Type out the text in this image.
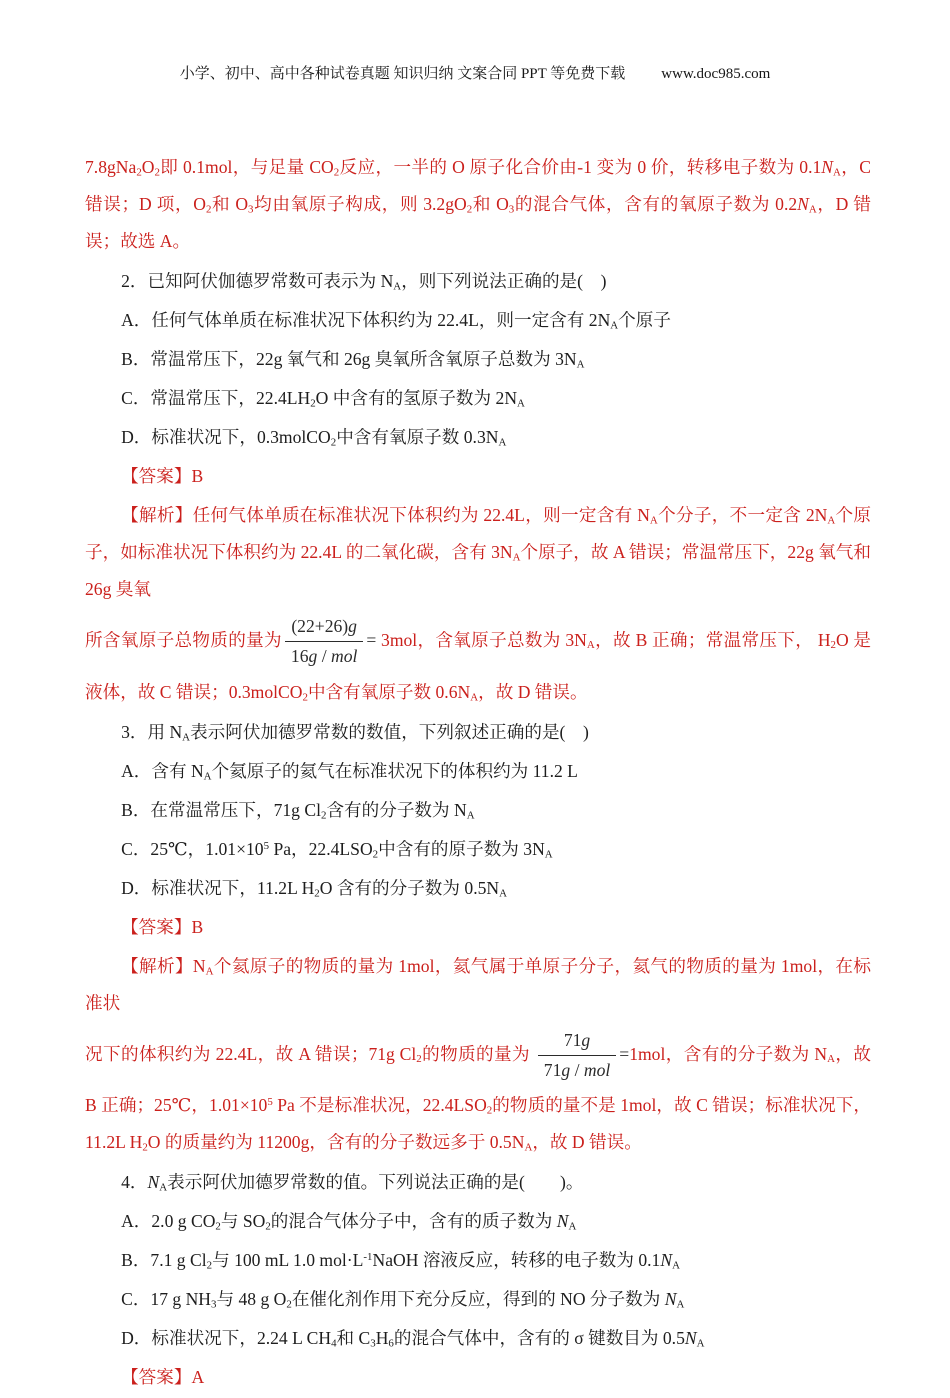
小学、初中、高中各种试卷真题 知识归纳 文案合同 PPT 等免费下载 www.doc985.com

$7.8gNa_2O_2$即 0.1mol，与足量 $CO_2$反应，一半的 O 原子化合价由-1 变为 0 价，转移电子数为 $0.1N_A$，C 错误；D 项，$O_2$和 $O_3$均由氧原子构成，则 $3.2gO_2$和 $O_3$的混合气体，含有的氧原子数为 $0.2N_A$，D 错误；故选 A。

2．已知阿伏伽德罗常数可表示为 $N_A$，则下列说法正确的是(　)

A．任何气体单质在标准状况下体积约为 22.4L，则一定含有 $2N_A$个原子

B．常温常压下，22g 氧气和 26g 臭氧所含氧原子总数为 $3N_A$

C．常温常压下，$22.4LH_2O$ 中含有的氢原子数为 $2N_A$

D．标准状况下，0.3molCO$_2$中含有氧原子数 $0.3N_A$

【答案】B

【解析】任何气体单质在标准状况下体积约为 22.4L，则一定含有 $N_A$个分子，不一定含 $2N_A$个原子，如标准状况下体积约为 22.4L 的二氧化碳，含有 $3N_A$个原子，故 A 错误；常温常压下，22g 氧气和 26g 臭氧

所含氧原子总物质的量为 $\frac{(22+26)g}{\text{16g / mol}} = 3mol$，含氧原子总数为 $3N_A$，故 B 正确；常温常压下， $H_2O$ 是液体，故 C 错误；0.3molCO$_2$中含有氧原子数 $0.6N_A$，故 D 错误。

3．用 $N_A$表示阿伏加德罗常数的数值，下列叙述正确的是(　)

A．含有 $N_A$个氦原子的氦气在标准状况下的体积约为 11.2 L

B．在常温常压下，71g $Cl_2$含有的分子数为 $N_A$

C．25℃，$1.01\times 10^5$ Pa，$22.4LSO_2$中含有的原子数为 $3N_A$

D．标准状况下，11.2L $H_2O$ 含有的分子数为 $0.5N_A$

【答案】B

【解析】$N_A$个氦原子的物质的量为 1mol，氦气属于单原子分子，氦气的物质的量为 1mol，在标准状

况下的体积约为 22.4L，故 A 错误；71g $Cl_2$的物质的量为 $\frac{71g}{\text{71g / mol}} =1mol$，含有的分子数为 $N_A$，故 B 正确；25℃，$1.01\times 10^5$ Pa 不是标准状况，$22.4LSO_2$的物质的量不是 1mol，故 C 错误；标准状况下，11.2L $H_2O$ 的质量约为 11200g，含有的分子数远多于 $0.5N_A$，故 D 错误。

4．$N_A$表示阿伏加德罗常数的值。下列说法正确的是(　　)。

A．2.0 g $CO_2$与 $SO_2$的混合气体分子中，含有的质子数为 $N_A$

B．7.1 g $Cl_2$与 100 mL 1.0 $mol\cdot L^{-1}NaOH$ 溶液反应，转移的电子数为 $0.1N_A$

C．17 g $NH_3$与 48 g $O_2$在催化剂作用下充分反应，得到的 NO 分子数为 $N_A$

D．标准状况下，2.24 L $CH_4$和 $C_3H_6$的混合气体中，含有的 σ 键数目为 $0.5N_A$

【答案】A
